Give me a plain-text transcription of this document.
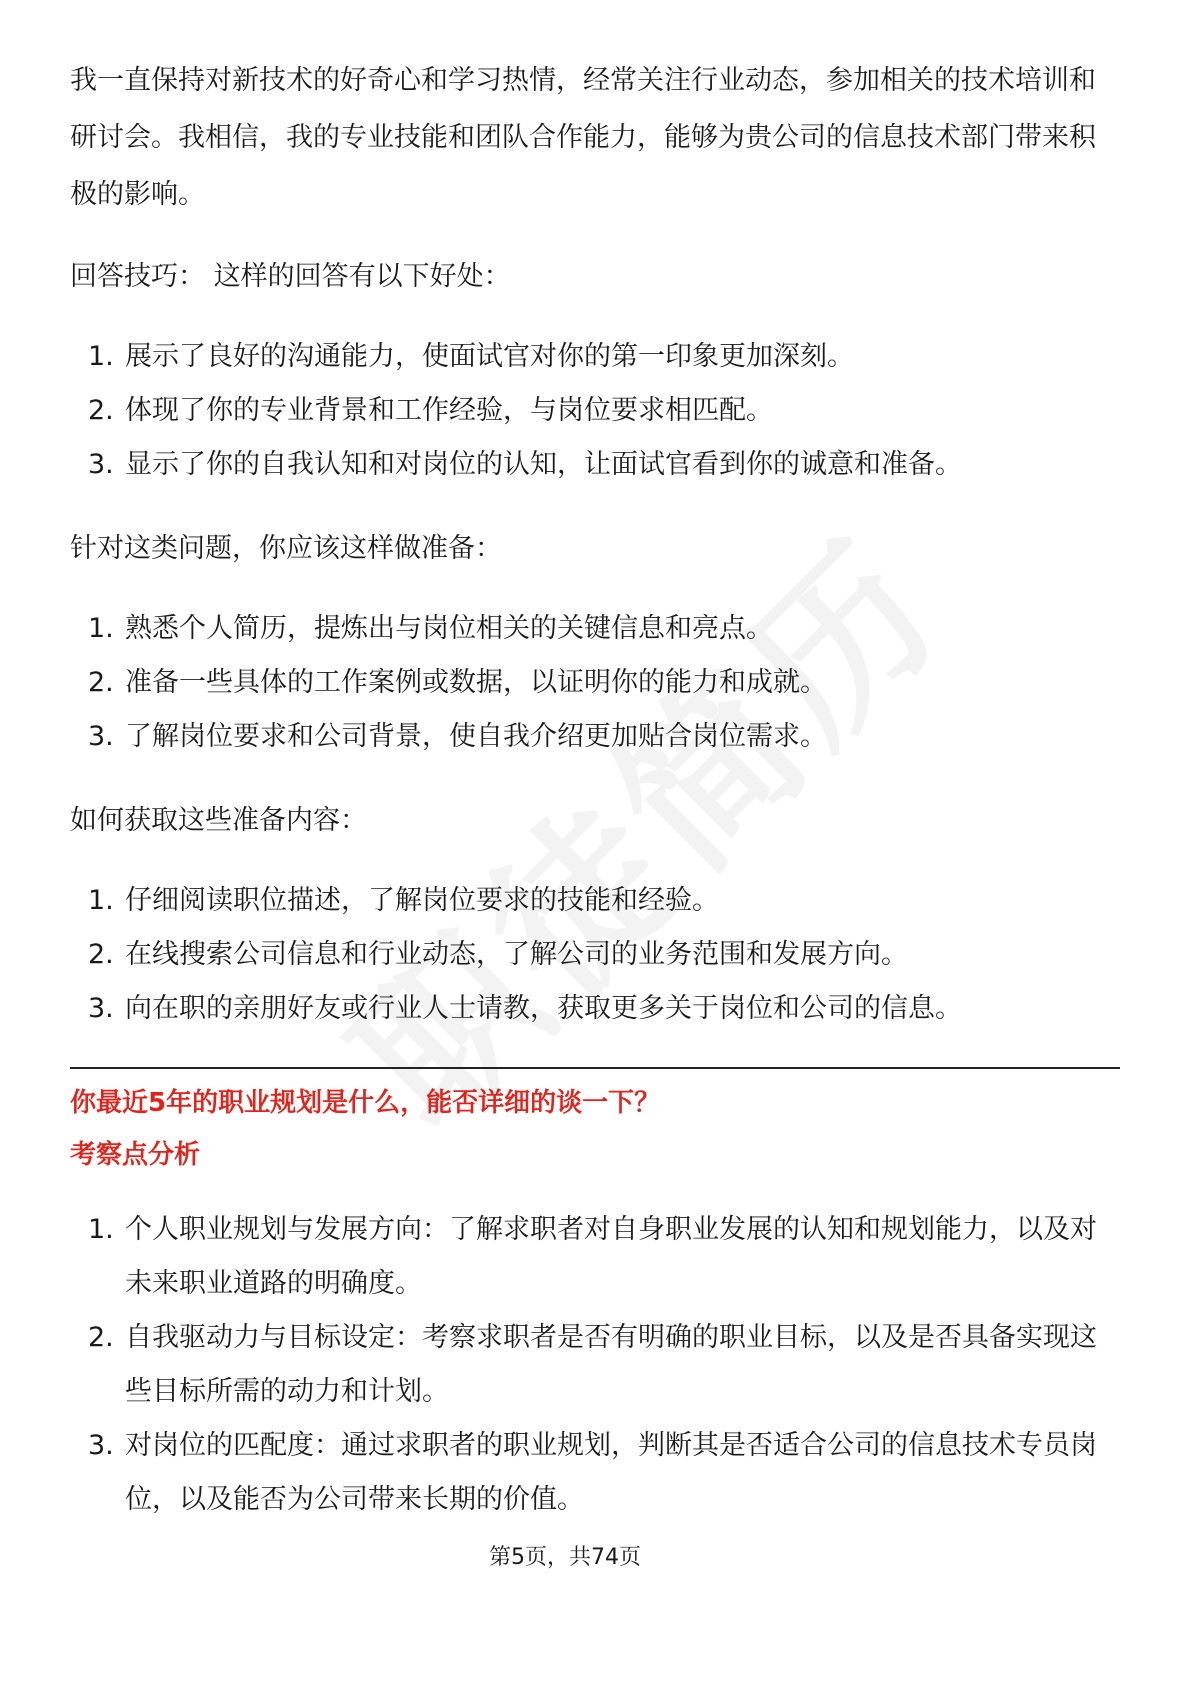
我一直保持对新技术的好奇心和学习热情，经常关注行业动态，参加相关的技术培训和研讨会。我相信，我的专业技能和团队合作能力，能够为贵公司的信息技术部门带来积极的影响。

回答技巧： 这样的回答有以下好处：

1. 展示了良好的沟通能力，使面试官对你的第一印象更加深刻。
2. 体现了你的专业背景和工作经验，与岗位要求相匹配。
3. 显示了你的自我认知和对岗位的认知，让面试官看到你的诚意和准备。

针对这类问题，你应该这样做准备：

1. 熟悉个人简历，提炼出与岗位相关的关键信息和亮点。
2. 准备一些具体的工作案例或数据，以证明你的能力和成就。
3. 了解岗位要求和公司背景，使自我介绍更加贴合岗位需求。

如何获取这些准备内容：

1. 仔细阅读职位描述，了解岗位要求的技能和经验。
2. 在线搜索公司信息和行业动态，了解公司的业务范围和发展方向。
3. 向在职的亲朋好友或行业人士请教，获取更多关于岗位和公司的信息。

你最近5年的职业规划是什么，能否详细的谈一下？

考察点分析

1. 个人职业规划与发展方向：了解求职者对自身职业发展的认知和规划能力，以及对未来职业道路的明确度。
2. 自我驱动力与目标设定：考察求职者是否有明确的职业目标，以及是否具备实现这些目标所需的动力和计划。
3. 对岗位的匹配度：通过求职者的职业规划，判断其是否适合公司的信息技术专员岗位，以及能否为公司带来长期的价值。
第5页，共74页
